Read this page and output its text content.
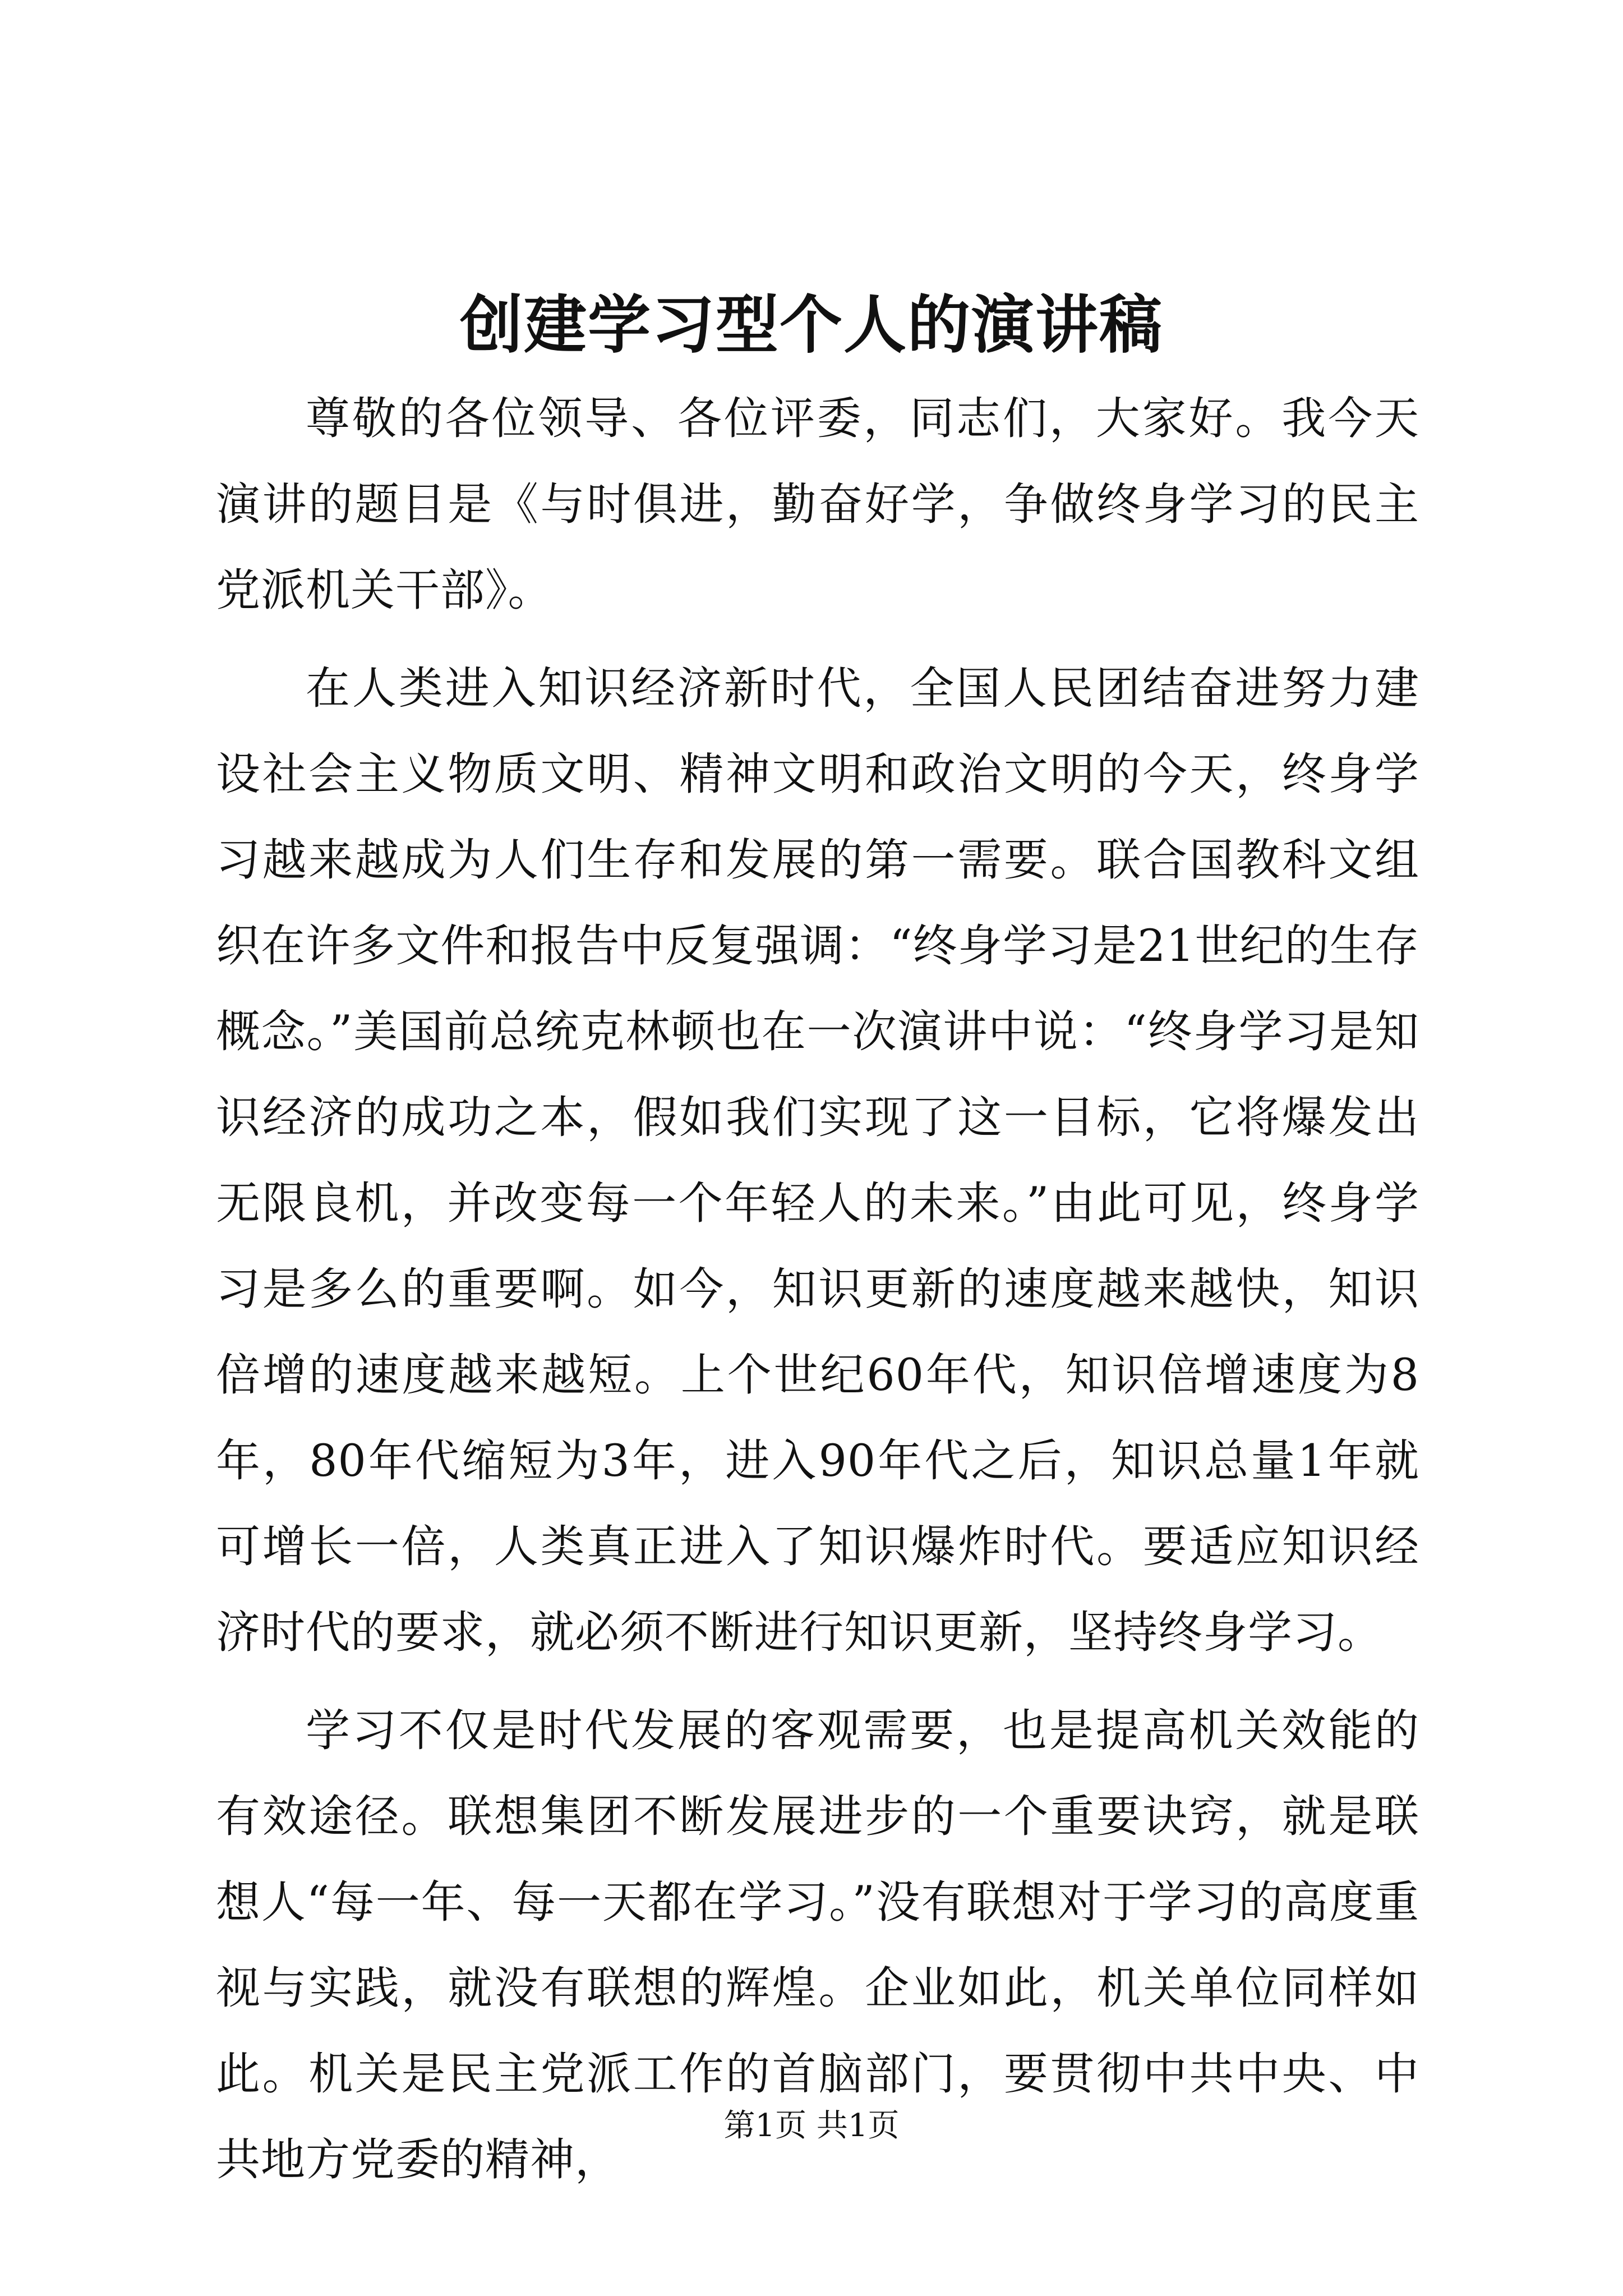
创建学习型个人的演讲稿

尊敬的各位领导、各位评委，同志们，大家好。我今天演讲的题目是《与时俱进，勤奋好学，争做终身学习的民主党派机关干部》。

在人类进入知识经济新时代，全国人民团结奋进努力建设社会主义物质文明、精神文明和政治文明的今天，终身学习越来越成为人们生存和发展的第一需要。联合国教科文组织在许多文件和报告中反复强调：“终身学习是21世纪的生存概念。”美国前总统克林顿也在一次演讲中说：“终身学习是知识经济的成功之本，假如我们实现了这一目标，它将爆发出无限良机，并改变每一个年轻人的未来。”由此可见，终身学习是多么的重要啊。如今，知识更新的速度越来越快，知识倍增的速度越来越短。上个世纪60年代，知识倍增速度为8年，80年代缩短为3年，进入90年代之后，知识总量1年就可增长一倍，人类真正进入了知识爆炸时代。要适应知识经济时代的要求，就必须不断进行知识更新，坚持终身学习。

学习不仅是时代发展的客观需要，也是提高机关效能的有效途径。联想集团不断发展进步的一个重要诀窍，就是联想人“每一年、每一天都在学习。”没有联想对于学习的高度重视与实践，就没有联想的辉煌。企业如此，机关单位同样如此。机关是民主党派工作的首脑部门，要贯彻中共中央、中共地方党委的精神，

第1页 共1页
